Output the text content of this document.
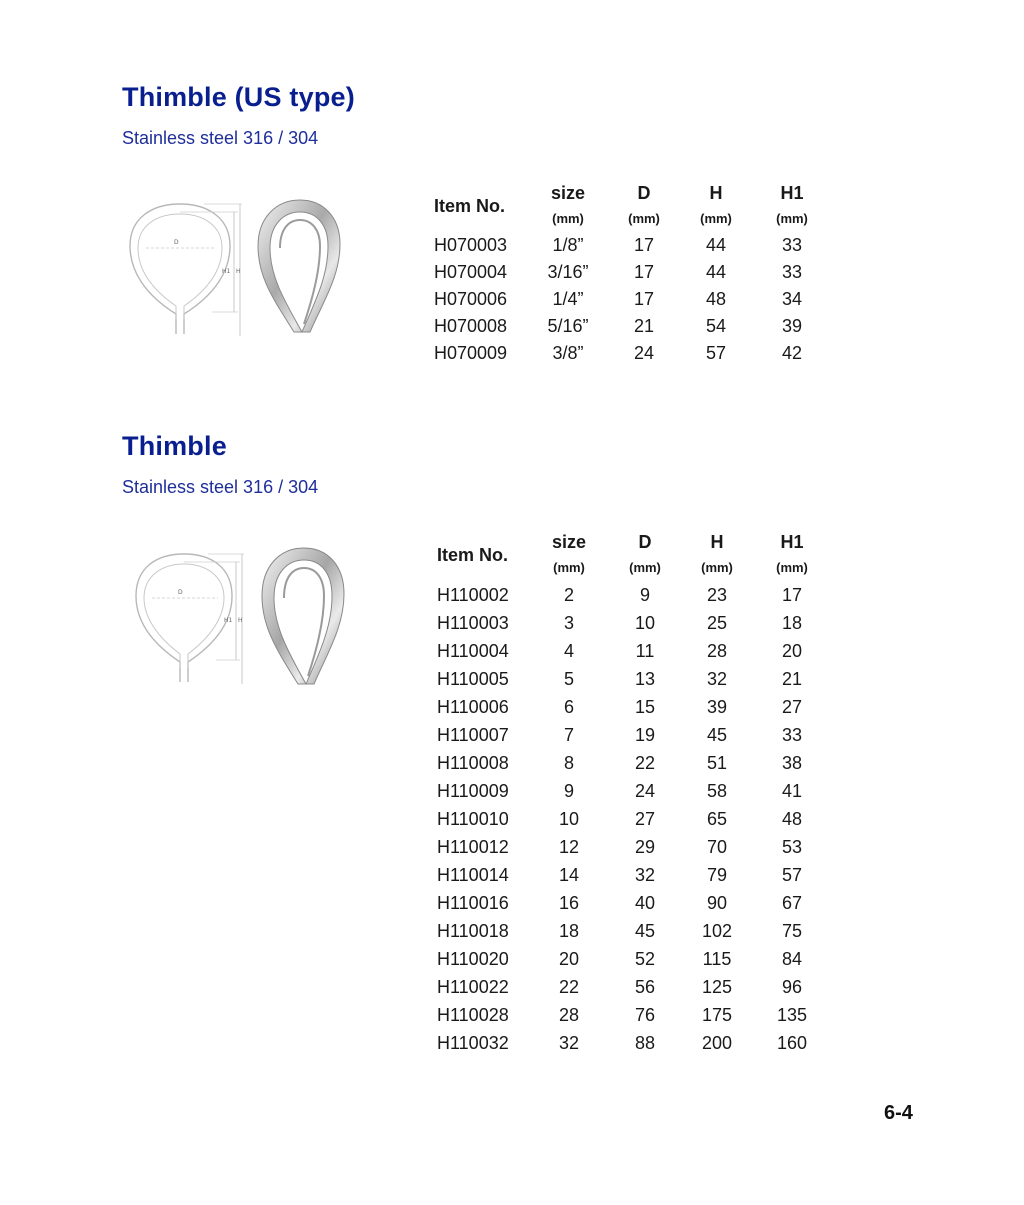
Thimble (US type)

Stainless steel 316 / 304

D
H1 H
Item No.	size	D	H	H1
	(mm)	(mm)	(mm)	(mm)
H070003	1/8”	17	44	33
H070004	3/16”	17	44	33
H070006	1/4”	17	48	34
H070008	5/16”	21	54	39
H070009	3/8”	24	57	42
Thimble

Stainless steel 316 / 304

D
H1 H
Item No.	size	D	H	H1
	(mm)	(mm)	(mm)	(mm)
H110002	2	9	23	17
H110003	3	10	25	18
H110004	4	11	28	20
H110005	5	13	32	21
H110006	6	15	39	27
H110007	7	19	45	33
H110008	8	22	51	38
H110009	9	24	58	41
H110010	10	27	65	48
H110012	12	29	70	53
H110014	14	32	79	57
H110016	16	40	90	67
H110018	18	45	102	75
H110020	20	52	115	84
H110022	22	56	125	96
H110028	28	76	175	135
H110032	32	88	200	160
6-4
